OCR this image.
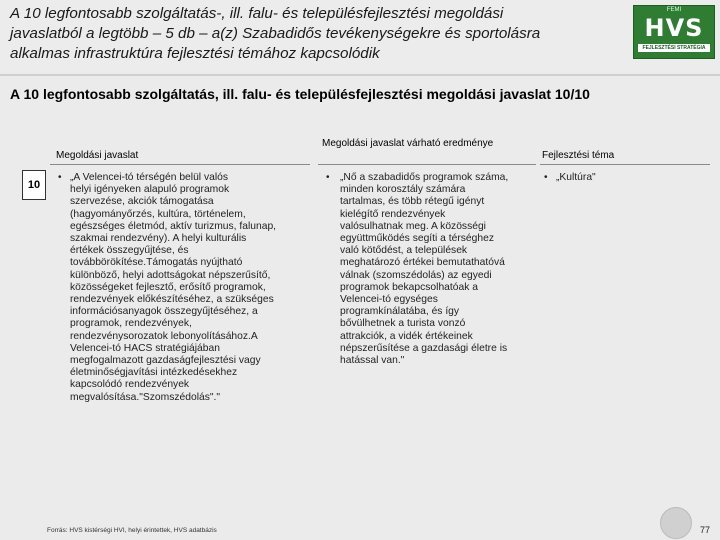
A 10 legfontosabb szolgáltatás-, ill. falu- és településfejlesztési megoldási
javaslatból a legtöbb – 5 db – a(z) Szabadidős tevékenységekre és sportolásra
alkalmas infrastruktúra fejlesztési témához kapcsolódik
FEMI
HVS
FEJLESZTÉSI STRATÉGIA
A 10 legfontosabb szolgáltatás, ill. falu- és településfejlesztési megoldási javaslat 10/10
Megoldási javaslat
Megoldási javaslat várható eredménye
Fejlesztési téma
10
• „A Velencei-tó térségén belül valós
helyi igényeken alapuló programok
szervezése, akciók támogatása
(hagyományőrzés, kultúra, történelem,
egészséges életmód, aktív turizmus, falunap,
szakmai rendezvény). A helyi kulturális
értékek összegyűjtése, és
továbbörökítése.Támogatás nyújtható
különböző, helyi adottságokat népszerűsítő,
közösségeket fejlesztő, erősítő programok,
rendezvények előkészítéséhez, a szükséges
információsanyagok összegyűjtéséhez, a
programok, rendezvények,
rendezvénysorozatok lebonyolításához.A
Velencei-tó HACS stratégiájában
megfogalmazott gazdaságfejlesztési vagy
életminőségjavítási intézkedésekhez
kapcsolódó rendezvények
megvalósítása."Szomszédolás"."
• „Nő a szabadidős programok száma,
minden korosztály számára
tartalmas, és több rétegű igényt
kielégítő rendezvények
valósulhatnak meg. A közösségi
együttműködés segíti a térséghez
való kötődést, a települések
meghatározó értékei bemutathatóvá
válnak (szomszédolás) az egyedi
programok bekapcsolhatóak a
Velencei-tó egységes
programkínálatába, és így
bővülhetnek a turista vonzó
attrakciók, a vidék értékeinek
népszerűsítése a gazdasági életre is
hatással van."
• „Kultúra"
Forrás: HVS kistérségi HVI, helyi érintettek, HVS adatbázis	77
